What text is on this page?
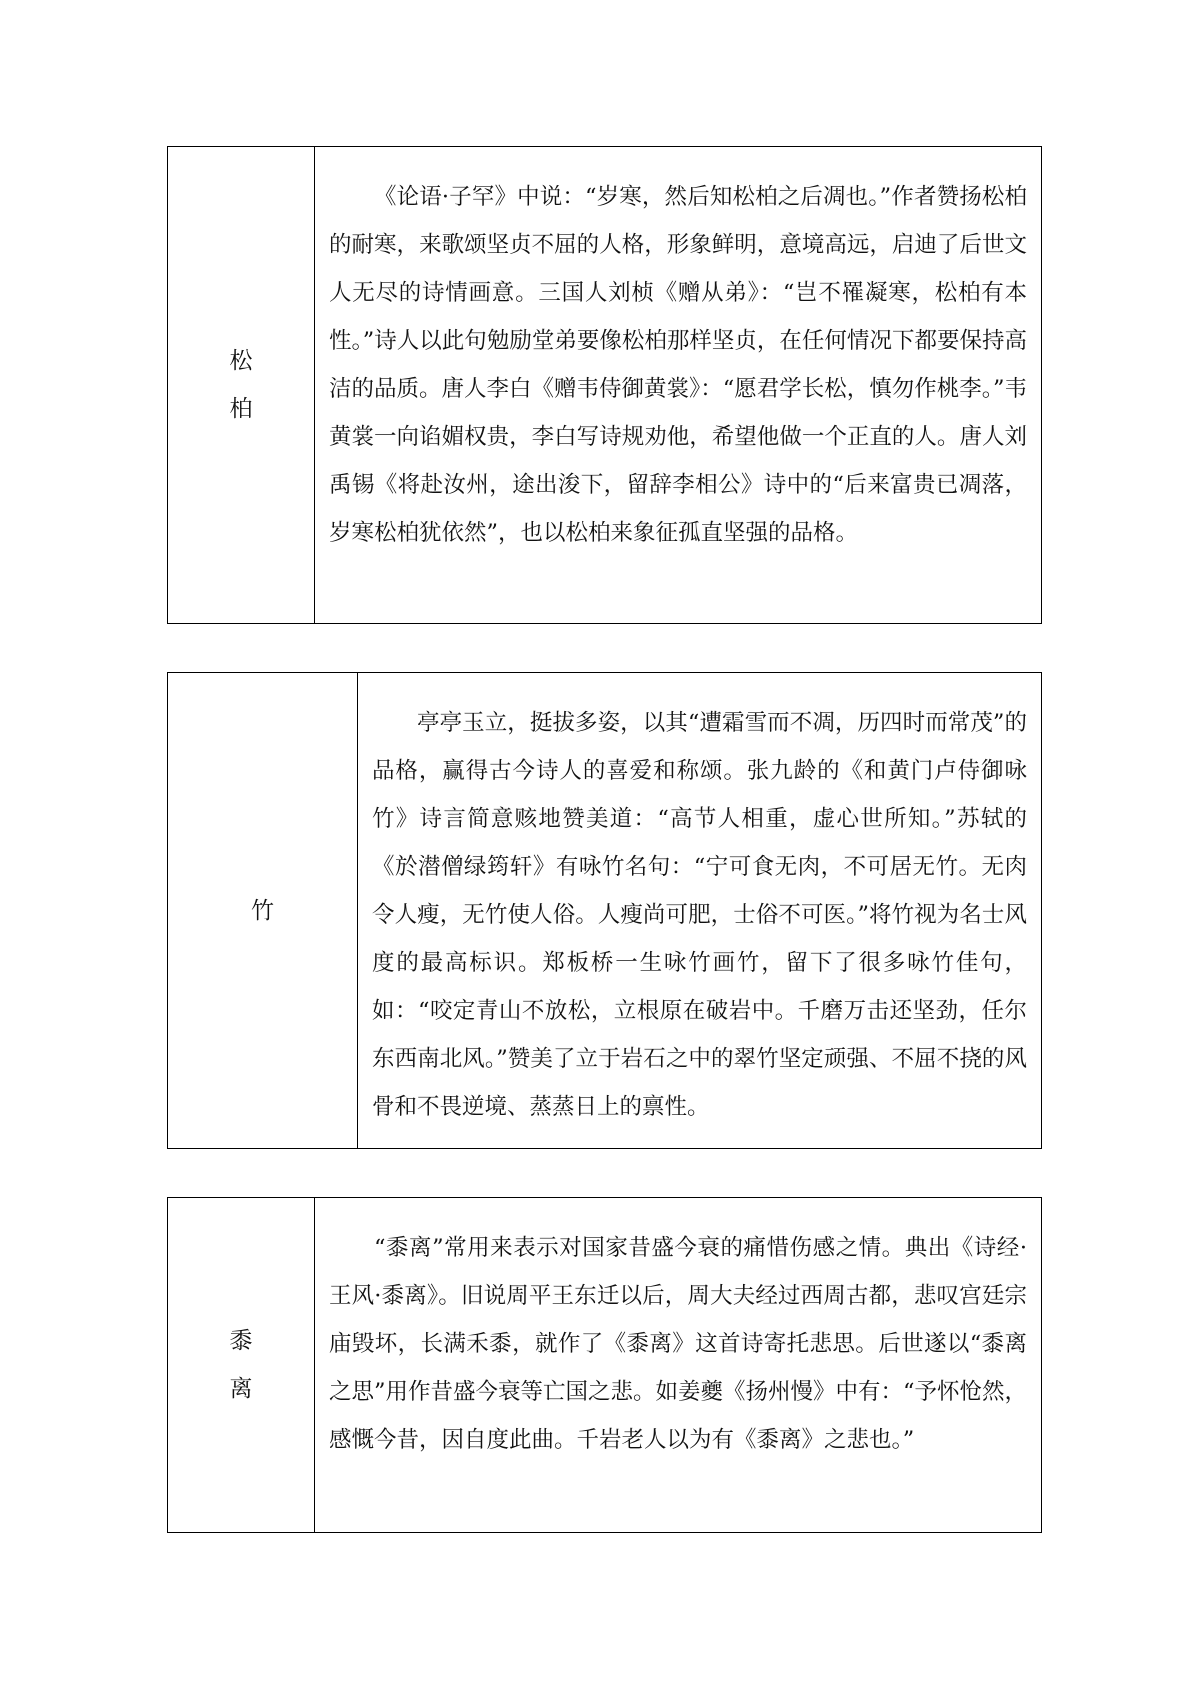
松柏

《论语·子罕》中说：“岁寒，然后知松柏之后凋也。”作者赞扬松柏的耐寒，来歌颂坚贞不屈的人格，形象鲜明，意境高远，启迪了后世文人无尽的诗情画意。三国人刘桢《赠从弟》：“岂不罹凝寒，松柏有本性。”诗人以此句勉励堂弟要像松柏那样坚贞，在任何情况下都要保持高洁的品质。唐人李白《赠韦侍御黄裳》：“愿君学长松，慎勿作桃李。”韦黄裳一向谄媚权贵，李白写诗规劝他，希望他做一个正直的人。唐人刘禹锡《将赴汝州，途出浚下，留辞李相公》诗中的“后来富贵已凋落，岁寒松柏犹依然”，也以松柏来象征孤直坚强的品格。

竹

亭亭玉立，挺拔多姿，以其“遭霜雪而不凋，历四时而常茂”的品格，赢得古今诗人的喜爱和称颂。张九龄的《和黄门卢侍御咏竹》诗言简意赅地赞美道：“高节人相重，虚心世所知。”苏轼的《於潜僧绿筠轩》有咏竹名句：“宁可食无肉，不可居无竹。无肉令人瘦，无竹使人俗。人瘦尚可肥，士俗不可医。”将竹视为名士风度的最高标识。郑板桥一生咏竹画竹，留下了很多咏竹佳句，如：“咬定青山不放松，立根原在破岩中。千磨万击还坚劲，任尔东西南北风。”赞美了立于岩石之中的翠竹坚定顽强、不屈不挠的风骨和不畏逆境、蒸蒸日上的禀性。

黍离

“黍离”常用来表示对国家昔盛今衰的痛惜伤感之情。典出《诗经·王风·黍离》。旧说周平王东迁以后，周大夫经过西周古都，悲叹宫廷宗庙毁坏，长满禾黍，就作了《黍离》这首诗寄托悲思。后世遂以“黍离之思”用作昔盛今衰等亡国之悲。如姜夔《扬州慢》中有：“予怀怆然，感慨今昔，因自度此曲。千岩老人以为有《黍离》之悲也。”
